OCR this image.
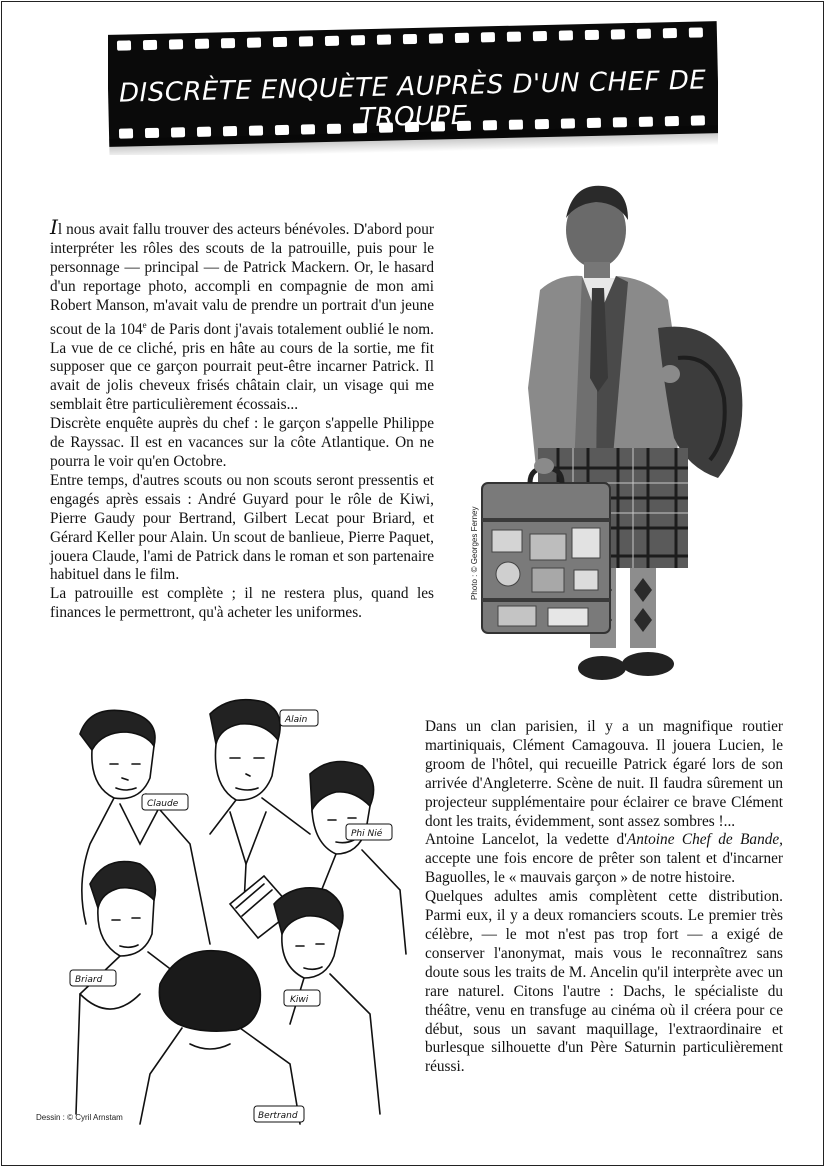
DISCRÈTE ENQUÈTE AUPRÈS D'UN CHEF DE TROUPE

Il nous avait fallu trouver des acteurs bénévoles. D'abord pour interpréter les rôles des scouts de la patrouille, puis pour le personnage — principal — de Patrick Mackern. Or, le hasard d'un reportage photo, accompli en compagnie de mon ami Robert Manson, m'avait valu de prendre un portrait d'un jeune scout de la 104e de Paris dont j'avais totalement oublié le nom. La vue de ce cliché, pris en hâte au cours de la sortie, me fit supposer que ce garçon pourrait peut-être incarner Patrick. Il avait de jolis cheveux frisés châtain clair, un visage qui me semblait être particulièrement écossais...

Discrète enquête auprès du chef : le garçon s'appelle Philippe de Rayssac. Il est en vacances sur la côte Atlantique. On ne pourra le voir qu'en Octobre.

Entre temps, d'autres scouts ou non scouts seront pressentis et engagés après essais : André Guyard pour le rôle de Kiwi, Pierre Gaudy pour Bertrand, Gilbert Lecat pour Briard, et Gérard Keller pour Alain. Un scout de banlieue, Pierre Paquet, jouera Claude, l'ami de Patrick dans le roman et son partenaire habituel dans le film.

La patrouille est complète ; il ne restera plus, quand les finances le permettront, qu'à acheter les uniformes.

Photo : © Georges Ferney
Claude
Alain
Phi Nié
Briard
Kiwi
Bertrand
Dessin : © Cyril Arnstam

Dans un clan parisien, il y a un magnifique routier martiniquais, Clément Camagouva. Il jouera Lucien, le groom de l'hôtel, qui recueille Patrick égaré lors de son arrivée d'Angleterre. Scène de nuit. Il faudra sûrement un projecteur supplémentaire pour éclairer ce brave Clément dont les traits, évidemment, sont assez sombres !...

Antoine Lancelot, la vedette d'Antoine Chef de Bande, accepte une fois encore de prêter son talent et d'incarner Baguolles, le « mauvais garçon » de notre histoire.

Quelques adultes amis complètent cette distribution. Parmi eux, il y a deux romanciers scouts. Le premier très célèbre, — le mot n'est pas trop fort — a exigé de conserver l'anonymat, mais vous le reconnaîtrez sans doute sous les traits de M. Ancelin qu'il interprète avec un rare naturel. Citons l'autre : Dachs, le spécialiste du théâtre, venu en transfuge au cinéma où il créera pour ce début, sous un savant maquillage, l'extraordinaire et burlesque silhouette d'un Père Saturnin particulièrement réussi.
